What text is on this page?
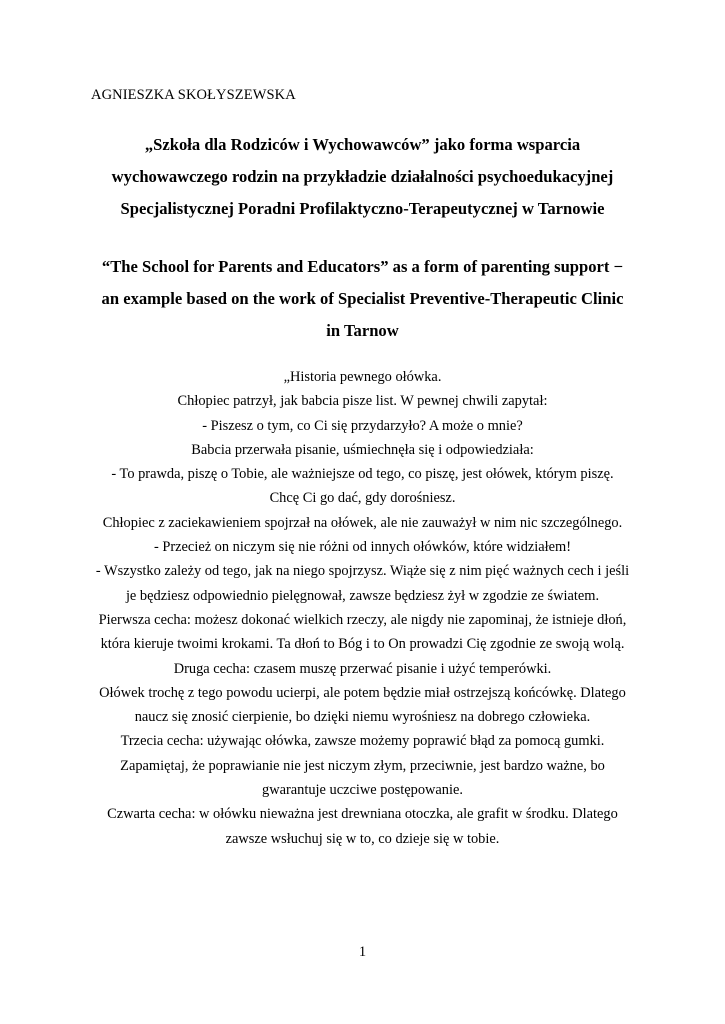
AGNIESZKA SKOŁYSZEWSKA
„Szkoła dla Rodziców i Wychowawców” jako forma wsparcia
wychowawczego rodzin na przykładzie działalności psychoedukacyjnej
Specjalistycznej Poradni Profilaktyczno-Terapeutycznej w Tarnowie
“The School for Parents and Educators” as a form of parenting support −
an example based on the work of Specialist Preventive-Therapeutic Clinic
in Tarnow
„Historia pewnego ołówka.
Chłopiec patrzył, jak babcia pisze list. W pewnej chwili zapytał:
- Piszesz o tym, co Ci się przydarzyło? A może o mnie?
Babcia przerwała pisanie, uśmiechnęła się i odpowiedziała:
- To prawda, piszę o Tobie, ale ważniejsze od tego, co piszę, jest ołówek, którym piszę.
Chcę Ci go dać, gdy dorośniesz.
Chłopiec z zaciekawieniem spojrzał na ołówek, ale nie zauważył w nim nic szczególnego.
- Przecież on niczym się nie różni od innych ołówków, które widziałem!
- Wszystko zależy od tego, jak na niego spojrzysz. Wiąże się z nim pięć ważnych cech i jeśli
je będziesz odpowiednio pielęgnował, zawsze będziesz żył w zgodzie ze światem.
Pierwsza cecha: możesz dokonać wielkich rzeczy, ale nigdy nie zapominaj, że istnieje dłoń,
która kieruje twoimi krokami. Ta dłoń to Bóg i to On prowadzi Cię zgodnie ze swoją wolą.
Druga cecha: czasem muszę przerwać pisanie i użyć temperówki.
Ołówek trochę z tego powodu ucierpi, ale potem będzie miał ostrzejszą końcówkę. Dlatego
naucz się znosić cierpienie, bo dzięki niemu wyrośniesz na dobrego człowieka.
Trzecia cecha: używając ołówka, zawsze możemy poprawić błąd za pomocą gumki.
Zapamiętaj, że poprawianie nie jest niczym złym, przeciwnie, jest bardzo ważne, bo
gwarantuje uczciwe postępowanie.
Czwarta cecha: w ołówku nieważna jest drewniana otoczka, ale grafit w środku. Dlatego
zawsze wsłuchuj się w to, co dzieje się w tobie.
1
